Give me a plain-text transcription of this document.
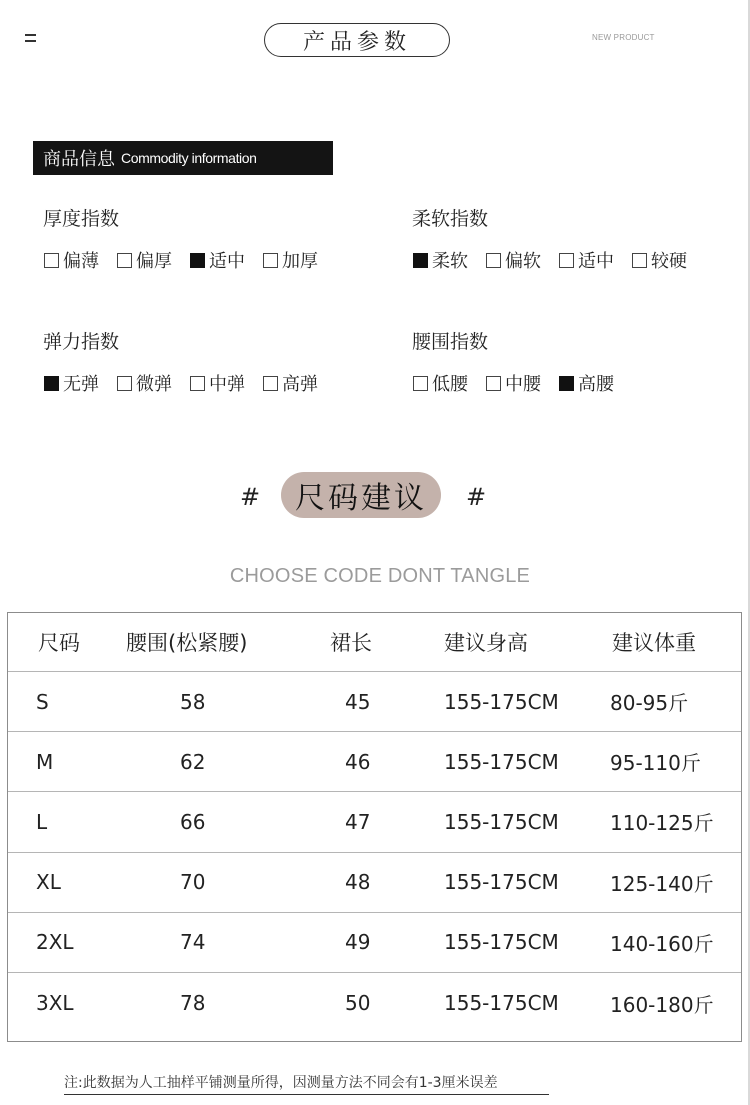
产品参数	NEW PRODUCT
商品信息 Commodity information
厚度指数
偏薄 偏厚 适中 加厚
柔软指数
柔软 偏软 适中 较硬
弹力指数
无弹 微弹 中弹 高弹
腰围指数
低腰 中腰 高腰
#	尺码建议	#
CHOOSE CODE DONT TANGLE
尺码 腰围(松紧腰)	裙长	建议身高	建议体重
S	58	45	155-175CM	80-95斤
M	62	46	155-175CM	95-110斤
L	66	47	155-175CM	110-125斤
XL	70	48	155-175CM	125-140斤
2XL	74	49	155-175CM	140-160斤
3XL	78	50	155-175CM	160-180斤
注:此数据为人工抽样平铺测量所得，因测量方法不同会有1-3厘米误差
